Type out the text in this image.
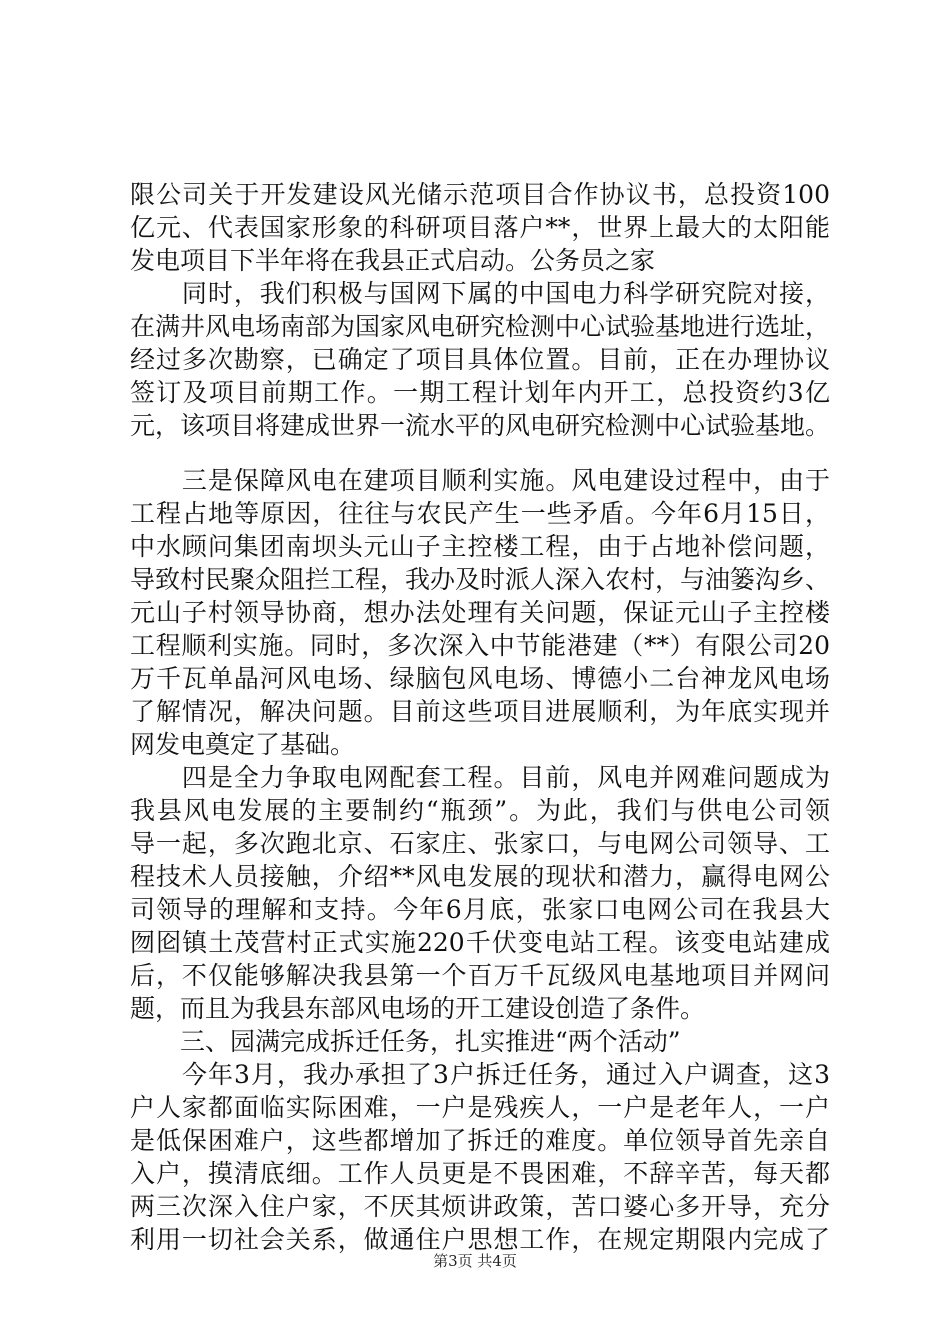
限公司关于开发建设风光储示范项目合作协议书，总投资100
亿元、代表国家形象的科研项目落户**，世界上最大的太阳能
发电项目下半年将在我县正式启动。公务员之家
　　同时，我们积极与国网下属的中国电力科学研究院对接，
在满井风电场南部为国家风电研究检测中心试验基地进行选址，
经过多次勘察，已确定了项目具体位置。目前，正在办理协议
签订及项目前期工作。一期工程计划年内开工，总投资约3亿
元，该项目将建成世界一流水平的风电研究检测中心试验基地。
　　三是保障风电在建项目顺利实施。风电建设过程中，由于
工程占地等原因，往往与农民产生一些矛盾。今年6月15日，
中水顾问集团南坝头元山子主控楼工程，由于占地补偿问题，
导致村民聚众阻拦工程，我办及时派人深入农村，与油篓沟乡、
元山子村领导协商，想办法处理有关问题，保证元山子主控楼
工程顺利实施。同时，多次深入中节能港建（**）有限公司20
万千瓦单晶河风电场、绿脑包风电场、博德小二台神龙风电场
了解情况，解决问题。目前这些项目进展顺利，为年底实现并
网发电奠定了基础。
　　四是全力争取电网配套工程。目前，风电并网难问题成为
我县风电发展的主要制约“瓶颈”。为此，我们与供电公司领
导一起，多次跑北京、石家庄、张家口，与电网公司领导、工
程技术人员接触，介绍**风电发展的现状和潜力，赢得电网公
司领导的理解和支持。今年6月底，张家口电网公司在我县大
囫囵镇土茂营村正式实施220千伏变电站工程。该变电站建成
后，不仅能够解决我县第一个百万千瓦级风电基地项目并网问
题，而且为我县东部风电场的开工建设创造了条件。
　　三、园满完成拆迁任务，扎实推进“两个活动”
　　今年3月，我办承担了3户拆迁任务，通过入户调查，这3
户人家都面临实际困难，一户是残疾人，一户是老年人，一户
是低保困难户，这些都增加了拆迁的难度。单位领导首先亲自
入户，摸清底细。工作人员更是不畏困难，不辞辛苦，每天都
两三次深入住户家，不厌其烦讲政策，苦口婆心多开导，充分
利用一切社会关系，做通住户思想工作，在规定期限内完成了
第3页 共4页
